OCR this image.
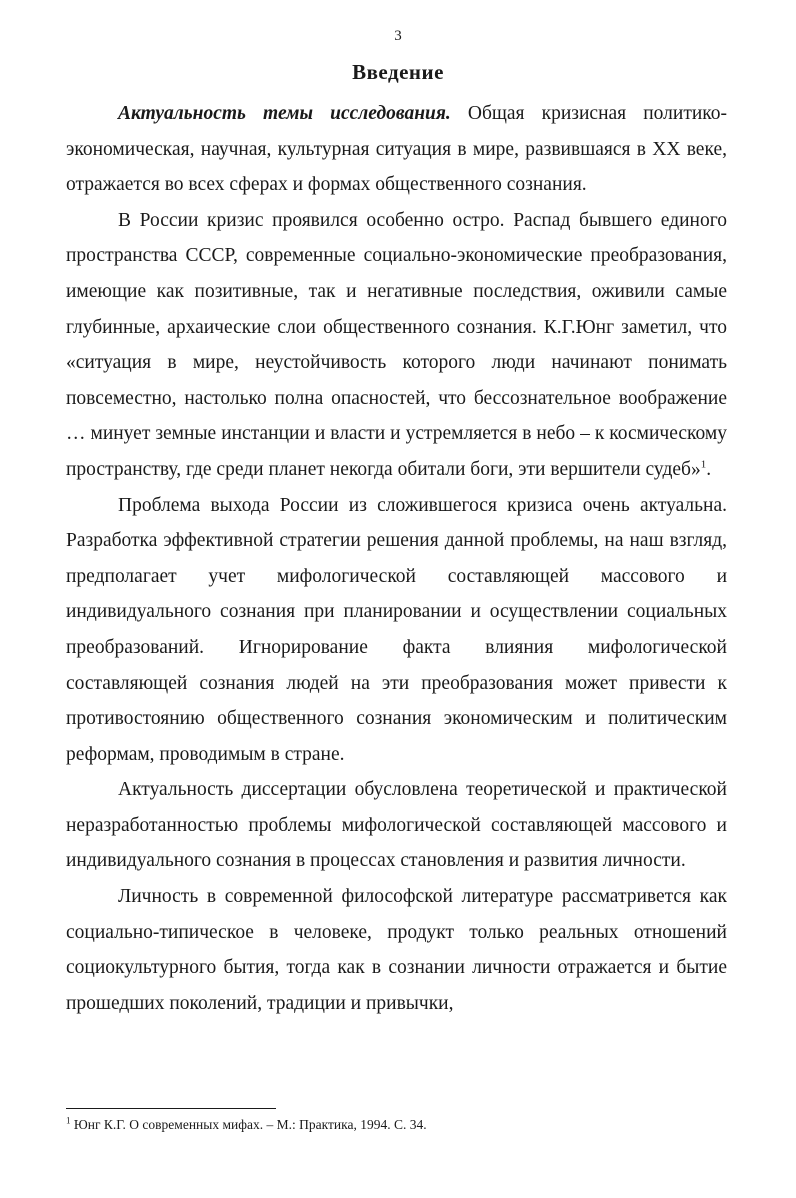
3
Введение

Актуальность темы исследования. Общая кризисная политико-экономическая, научная, культурная ситуация в мире, развившаяся в ХХ веке, отражается во всех сферах и формах общественного сознания.

В России кризис проявился особенно остро. Распад бывшего единого пространства СССР, современные социально-экономические преобразования, имеющие как позитивные, так и негативные последствия, оживили самые глубинные, архаические слои общественного сознания. К.Г.Юнг заметил, что «ситуация в мире, неустойчивость которого люди начинают понимать повсеместно, настолько полна опасностей, что бессознательное воображение … минует земные инстанции и власти и устремляется в небо – к космическому пространству, где среди планет некогда обитали боги, эти вершители судеб»$^1$.

Проблема выхода России из сложившегося кризиса очень актуальна. Разработка эффективной стратегии решения данной проблемы, на наш взгляд, предполагает учет мифологической составляющей массового и индивидуального сознания при планировании и осуществлении социальных преобразований. Игнорирование факта влияния мифологической составляющей сознания людей на эти преобразования может привести к противостоянию общественного сознания экономическим и политическим реформам, проводимым в стране.

Актуальность диссертации обусловлена теоретической и практической неразработанностью проблемы мифологической составляющей массового и индивидуального сознания в процессах становления и развития личности.

Личность в современной философской литературе рассматривется как социально-типическое в человеке, продукт только реальных отношений социокультурного бытия, тогда как в сознании личности отражается и бытие прошедших поколений, традиции и привычки,

$^1$ Юнг К.Г. О современных мифах. – М.: Практика, 1994. С. 34.
